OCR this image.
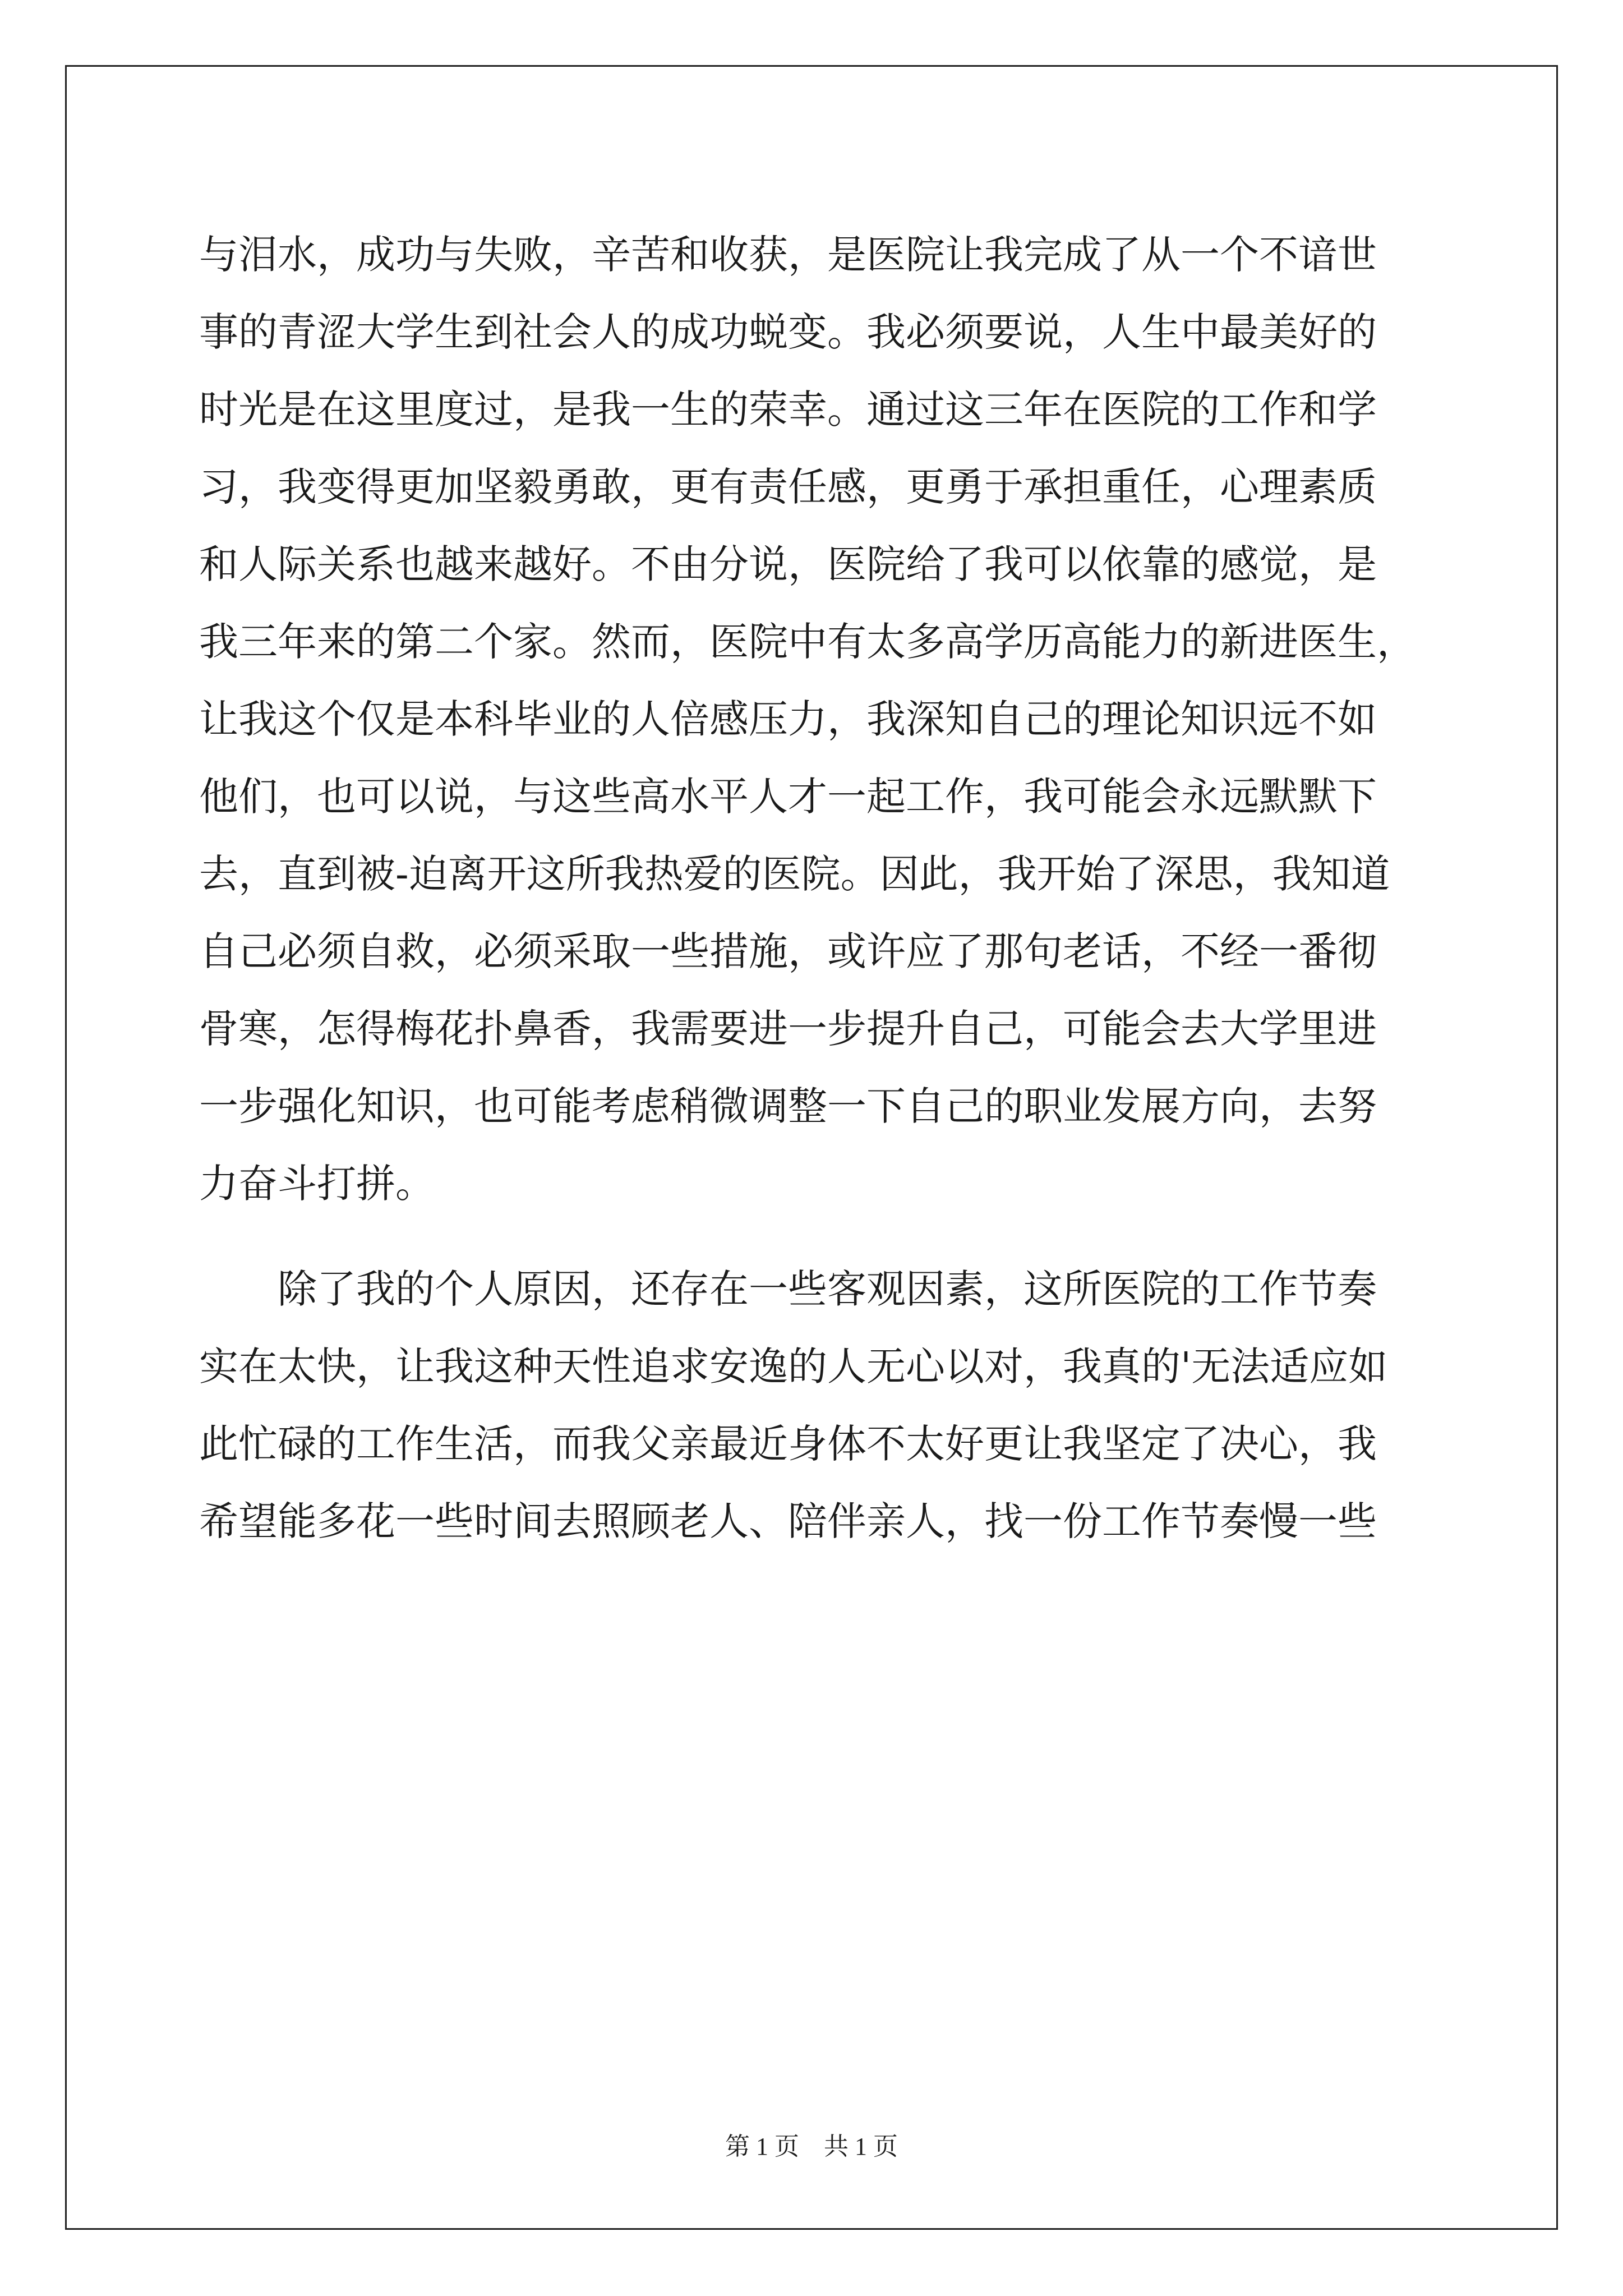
与泪水，成功与失败，辛苦和收获，是医院让我完成了从一个不谙世
事的青涩大学生到社会人的成功蜕变。我必须要说，人生中最美好的
时光是在这里度过，是我一生的荣幸。通过这三年在医院的工作和学
习，我变得更加坚毅勇敢，更有责任感，更勇于承担重任，心理素质
和人际关系也越来越好。不由分说，医院给了我可以依靠的感觉，是
我三年来的第二个家。然而，医院中有太多高学历高能力的新进医生，
让我这个仅是本科毕业的人倍感压力，我深知自己的理论知识远不如
他们，也可以说，与这些高水平人才一起工作，我可能会永远默默下
去，直到被-迫离开这所我热爱的医院。因此，我开始了深思，我知道
自己必须自救，必须采取一些措施，或许应了那句老话，不经一番彻
骨寒，怎得梅花扑鼻香，我需要进一步提升自己，可能会去大学里进
一步强化知识，也可能考虑稍微调整一下自己的职业发展方向，去努
力奋斗打拼。
　　除了我的个人原因，还存在一些客观因素，这所医院的工作节奏
实在太快，让我这种天性追求安逸的人无心以对，我真的'无法适应如
此忙碌的工作生活，而我父亲最近身体不太好更让我坚定了决心，我
希望能多花一些时间去照顾老人、陪伴亲人，找一份工作节奏慢一些
第 1 页 共 1 页
